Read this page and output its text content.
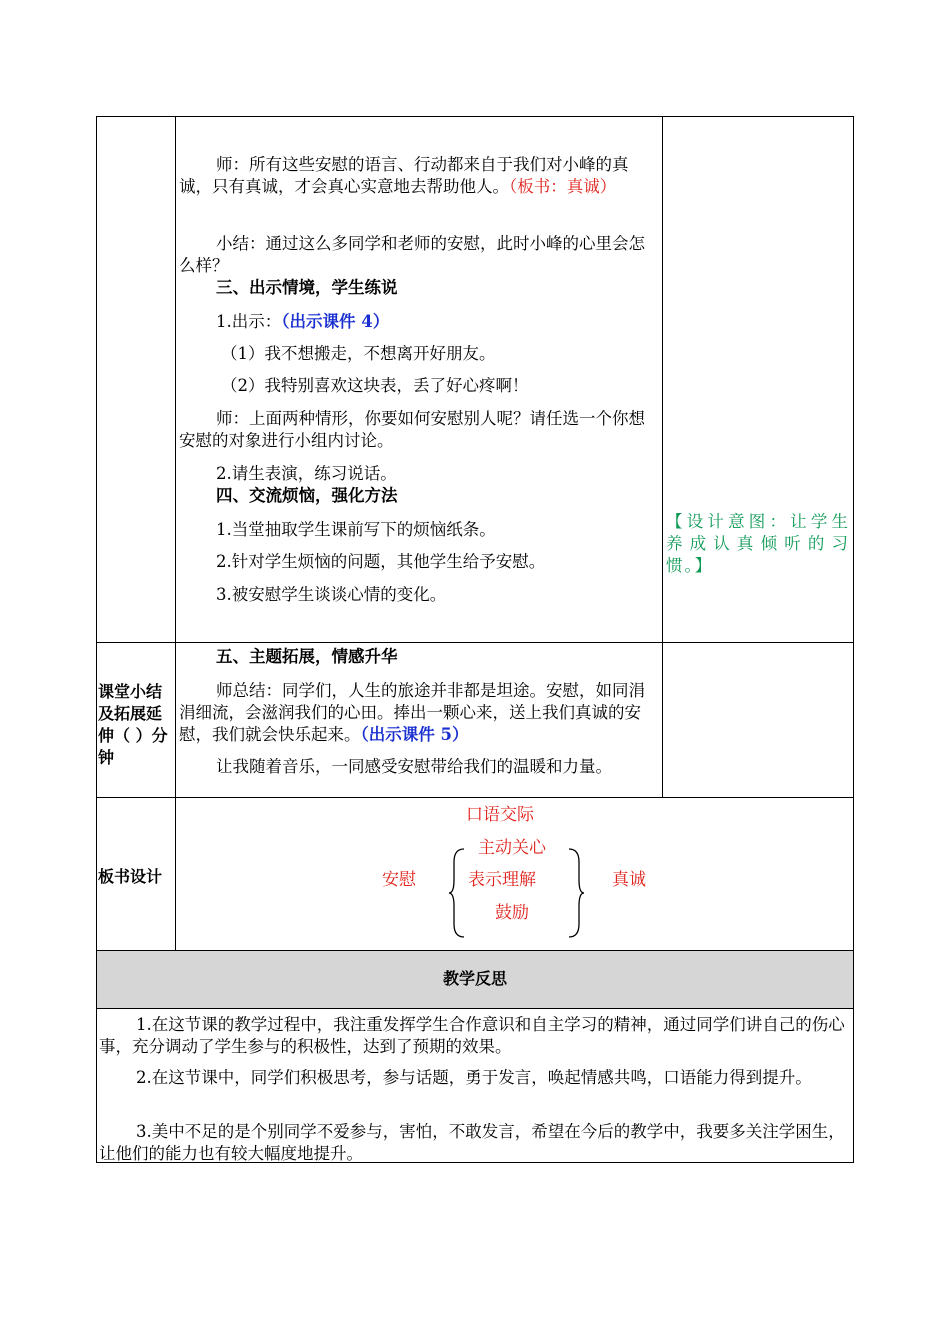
师：所有这些安慰的语言、行动都来自于我们对小峰的真诚，只有真诚，才会真心实意地去帮助他人。（板书：真诚）

小结：通过这么多同学和老师的安慰，此时小峰的心里会怎么样？

三、出示情境，学生练说

1.出示：（出示课件 4）

（1）我不想搬走，不想离开好朋友。

（2）我特别喜欢这块表，丢了好心疼啊！

师：上面两种情形，你要如何安慰别人呢？请任选一个你想安慰的对象进行小组内讨论。

2.请生表演，练习说话。

四、交流烦恼，强化方法

1.当堂抽取学生课前写下的烦恼纸条。

2.针对学生烦恼的问题，其他学生给予安慰。

3.被安慰学生谈谈心情的变化。

【设计意图：让学生养成认真倾听的习惯。】

课堂小结及拓展延伸（ ）分钟

五、主题拓展，情感升华

师总结：同学们，人生的旅途并非都是坦途。安慰，如同涓涓细流，会滋润我们的心田。捧出一颗心来，送上我们真诚的安慰，我们就会快乐起来。（出示课件 5）

让我随着音乐，一同感受安慰带给我们的温暖和力量。

板书设计

口语交际
主动关心
安慰	表示理解	真诚
鼓励

教学反思

1.在这节课的教学过程中，我注重发挥学生合作意识和自主学习的精神，通过同学们讲自己的伤心事，充分调动了学生参与的积极性，达到了预期的效果。

2.在这节课中，同学们积极思考，参与话题，勇于发言，唤起情感共鸣，口语能力得到提升。

3.美中不足的是个别同学不爱参与，害怕，不敢发言，希望在今后的教学中，我要多关注学困生，让他们的能力也有较大幅度地提升。
